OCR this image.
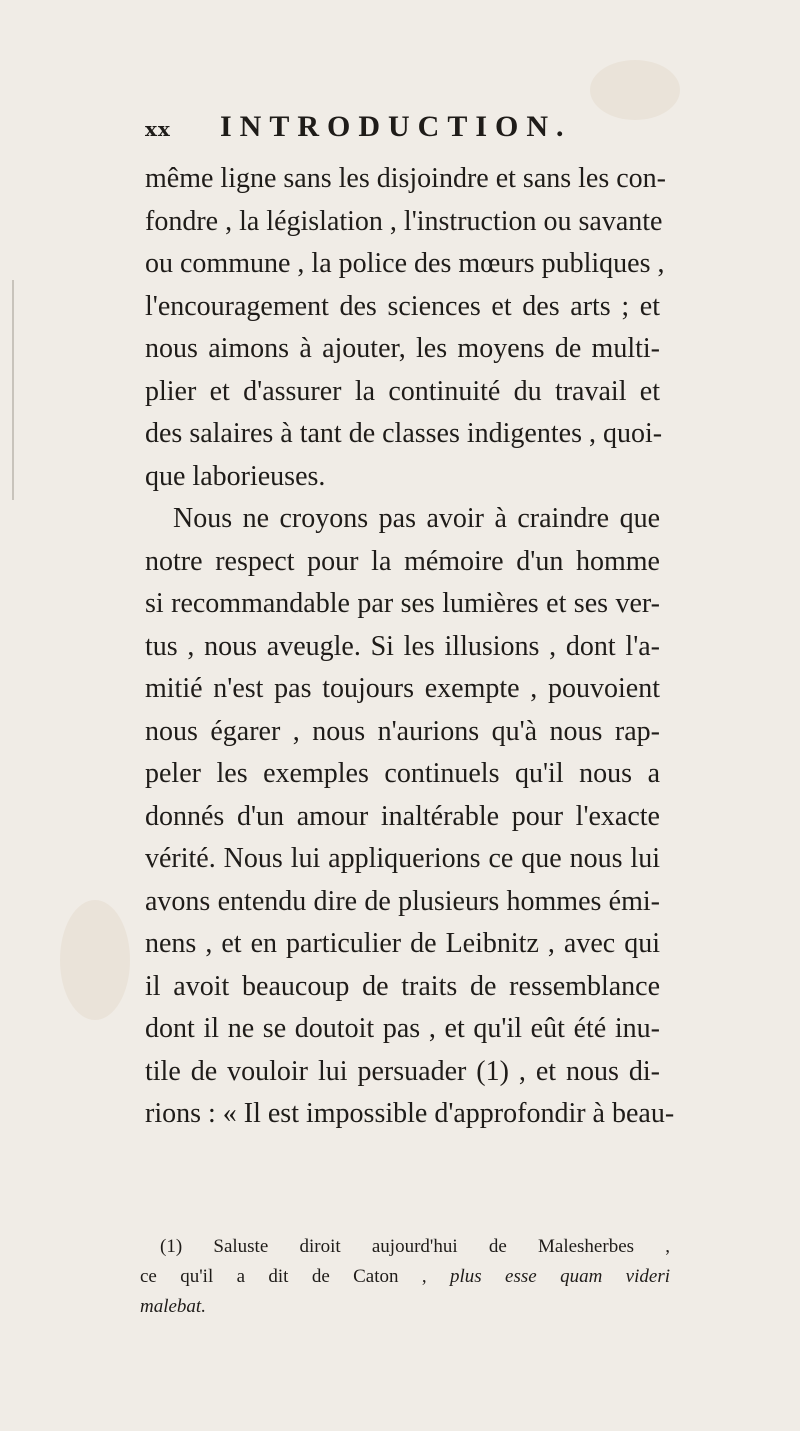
xx INTRODUCTION.
même ligne sans les disjoindre et sans les con-
fondre , la législation , l'instruction ou savante
ou commune , la police des mœurs publiques ,
l'encouragement des sciences et des arts ; et
nous aimons à ajouter, les moyens de multi-
plier et d'assurer la continuité du travail et
des salaires à tant de classes indigentes , quoi-
que laborieuses.
Nous ne croyons pas avoir à craindre que
notre respect pour la mémoire d'un homme
si recommandable par ses lumières et ses ver-
tus , nous aveugle. Si les illusions , dont l'a-
mitié n'est pas toujours exempte , pouvoient
nous égarer , nous n'aurions qu'à nous rap-
peler les exemples continuels qu'il nous a
donnés d'un amour inaltérable pour l'exacte
vérité. Nous lui appliquerions ce que nous lui
avons entendu dire de plusieurs hommes émi-
nens , et en particulier de Leibnitz , avec qui
il avoit beaucoup de traits de ressemblance
dont il ne se doutoit pas , et qu'il eût été inu-
tile de vouloir lui persuader (1) , et nous di-
rions : « Il est impossible d'approfondir à beau-
(1) Saluste diroit aujourd'hui de Malesherbes ,
ce qu'il a dit de Caton , plus esse quam videri
malebat.
